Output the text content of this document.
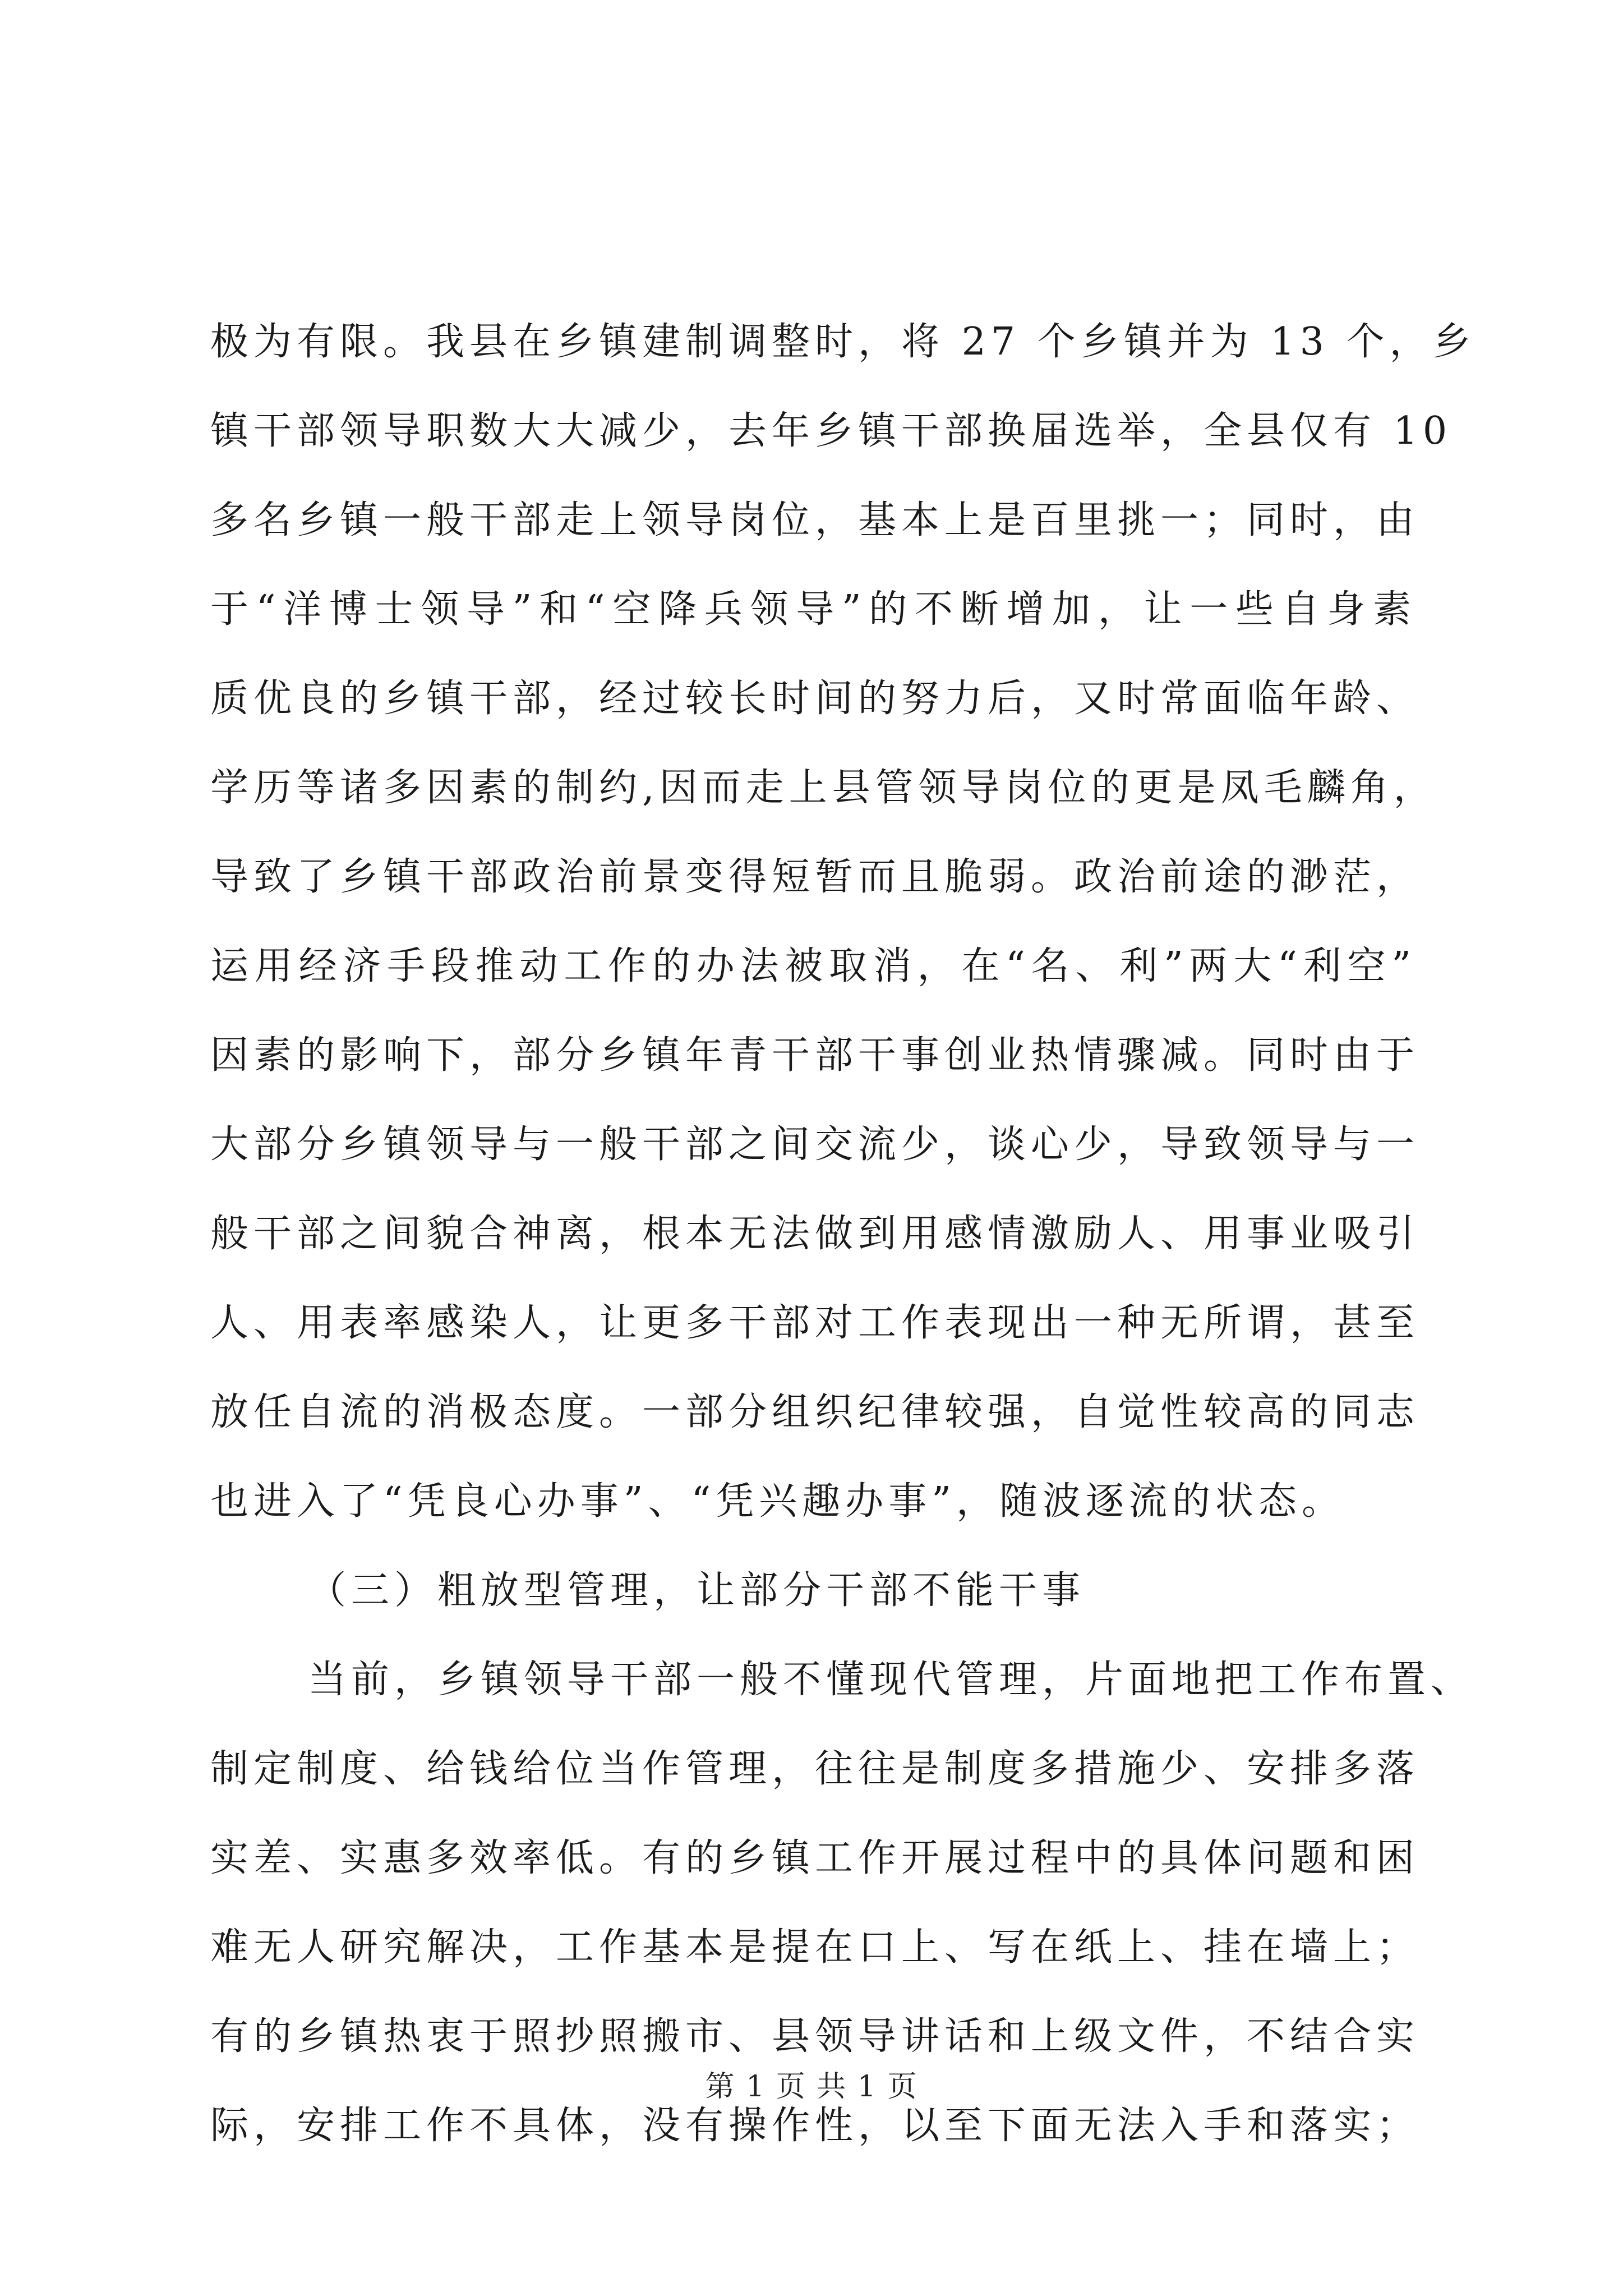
极为有限。我县在乡镇建制调整时，将 27 个乡镇并为 13 个，乡
镇干部领导职数大大减少，去年乡镇干部换届选举，全县仅有 10
多名乡镇一般干部走上领导岗位，基本上是百里挑一；同时，由
于“洋博士领导”和“空降兵领导”的不断增加，让一些自身素
质优良的乡镇干部，经过较长时间的努力后，又时常面临年龄、
学历等诸多因素的制约,因而走上县管领导岗位的更是凤毛麟角，
导致了乡镇干部政治前景变得短暂而且脆弱。政治前途的渺茫，
运用经济手段推动工作的办法被取消，在“名、利”两大“利空”
因素的影响下，部分乡镇年青干部干事创业热情骤减。同时由于
大部分乡镇领导与一般干部之间交流少，谈心少，导致领导与一
般干部之间貌合神离，根本无法做到用感情激励人、用事业吸引
人、用表率感染人，让更多干部对工作表现出一种无所谓，甚至
放任自流的消极态度。一部分组织纪律较强，自觉性较高的同志
也进入了“凭良心办事”、“凭兴趣办事”，随波逐流的状态。
（三）粗放型管理，让部分干部不能干事
当前，乡镇领导干部一般不懂现代管理，片面地把工作布置、
制定制度、给钱给位当作管理，往往是制度多措施少、安排多落
实差、实惠多效率低。有的乡镇工作开展过程中的具体问题和困
难无人研究解决，工作基本是提在口上、写在纸上、挂在墙上；
有的乡镇热衷于照抄照搬市、县领导讲话和上级文件，不结合实
际，安排工作不具体，没有操作性，以至下面无法入手和落实；
第 1 页 共 1 页
